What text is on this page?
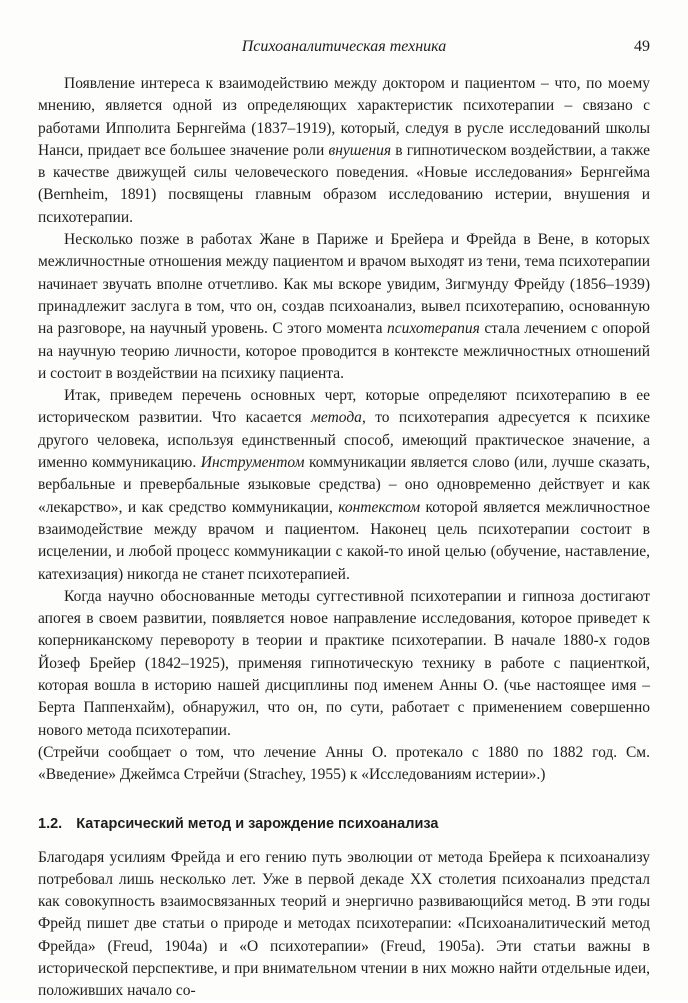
Психоаналитическая техника	49

Появление интереса к взаимодействию между доктором и пациентом – что, по моему мнению, является одной из определяющих характеристик психотерапии – связано с работами Ипполита Бернгейма (1837–1919), который, следуя в русле исследований школы Нанси, придает все большее значение роли внушения в гипнотическом воздействии, а также в качестве движущей силы человеческого поведения. «Новые исследования» Бернгейма (Bernheim, 1891) посвящены главным образом исследованию истерии, внушения и психотерапии.

Несколько позже в работах Жане в Париже и Брейера и Фрейда в Вене, в которых межличностные отношения между пациентом и врачом выходят из тени, тема психотерапии начинает звучать вполне отчетливо. Как мы вскоре увидим, Зигмунду Фрейду (1856–1939) принадлежит заслуга в том, что он, создав психоанализ, вывел психотерапию, основанную на разговоре, на научный уровень. С этого момента психотерапия стала лечением с опорой на научную теорию личности, которое проводится в контексте межличностных отношений и состоит в воздействии на психику пациента.

Итак, приведем перечень основных черт, которые определяют психотерапию в ее историческом развитии. Что касается метода, то психотерапия адресуется к психике другого человека, используя единственный способ, имеющий практическое значение, а именно коммуникацию. Инструментом коммуникации является слово (или, лучше сказать, вербальные и превербальные языковые средства) – оно одновременно действует и как «лекарство», и как средство коммуникации, контекстом которой является межличностное взаимодействие между врачом и пациентом. Наконец цель психотерапии состоит в исцелении, и любой процесс коммуникации с какой-то иной целью (обучение, наставление, катехизация) никогда не станет психотерапией.

Когда научно обоснованные методы суггестивной психотерапии и гипноза достигают апогея в своем развитии, появляется новое направление исследования, которое приведет к коперниканскому перевороту в теории и практике психотерапии. В начале 1880-х годов Йозеф Брейер (1842–1925), применяя гипнотическую технику в работе с пациенткой, которая вошла в историю нашей дисциплины под именем Анны О. (чье настоящее имя – Берта Паппенхайм), обнаружил, что он, по сути, работает с применением совершенно нового метода психотерапии.

(Стрейчи сообщает о том, что лечение Анны О. протекало с 1880 по 1882 год. См. «Введение» Джеймса Стрейчи (Strachey, 1955) к «Исследованиям истерии».)

1.2. Катарсический метод и зарождение психоанализа

Благодаря усилиям Фрейда и его гению путь эволюции от метода Брейера к психоанализу потребовал лишь несколько лет. Уже в первой декаде XX столетия психоанализ предстал как совокупность взаимосвязанных теорий и энергично развивающийся метод. В эти годы Фрейд пишет две статьи о природе и методах психотерапии: «Психоаналитический метод Фрейда» (Freud, 1904a) и «О психотерапии» (Freud, 1905a). Эти статьи важны в исторической перспективе, и при внимательном чтении в них можно найти отдельные идеи, положивших начало со-
